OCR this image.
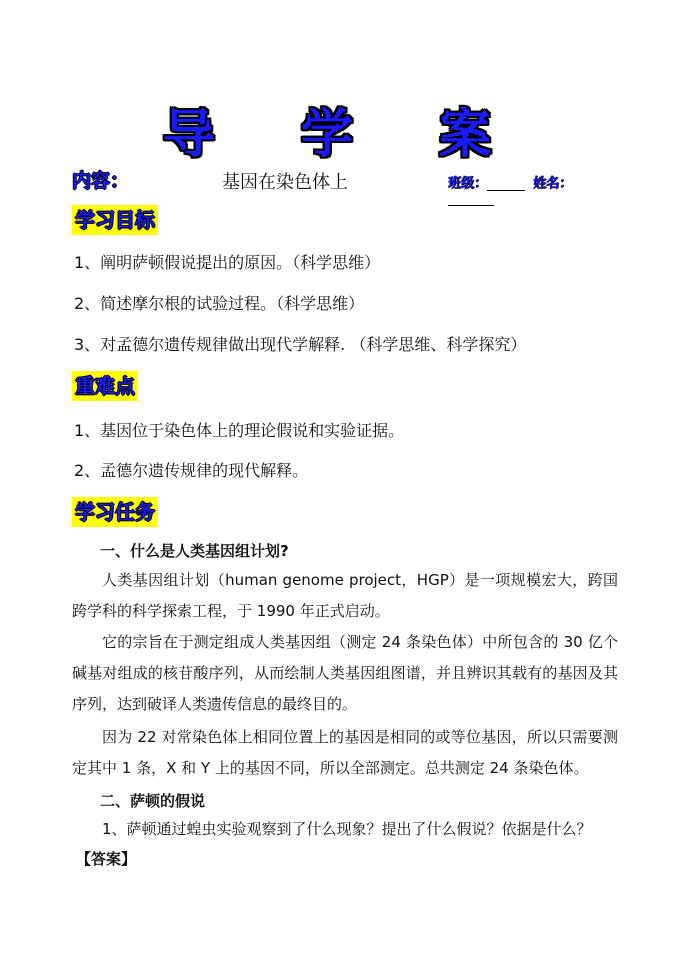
导 学 案
内容：	基因在染色体上	班级：	姓名：
学习目标
1、阐明萨顿假说提出的原因。（科学思维）
2、简述摩尔根的试验过程。（科学思维）
3、对孟德尔遗传规律做出现代学解释. （科学思维、科学探究）
重难点
1、基因位于染色体上的理论假说和实验证据。
2、孟德尔遗传规律的现代解释。
学习任务
一、什么是人类基因组计划?
人类基因组计划（human genome project，HGP）是一项规模宏大，跨国跨学科的科学探索工程，于 1990 年正式启动。
它的宗旨在于测定组成人类基因组（测定 24 条染色体）中所包含的 30 亿个碱基对组成的核苷酸序列，从而绘制人类基因组图谱，并且辨识其载有的基因及其序列，达到破译人类遗传信息的最终目的。
因为 22 对常染色体上相同位置上的基因是相同的或等位基因，所以只需要测定其中 1 条，X 和 Y 上的基因不同，所以全部测定。总共测定 24 条染色体。
二、萨顿的假说
1、萨顿通过蝗虫实验观察到了什么现象？提出了什么假说？依据是什么？
【答案】
